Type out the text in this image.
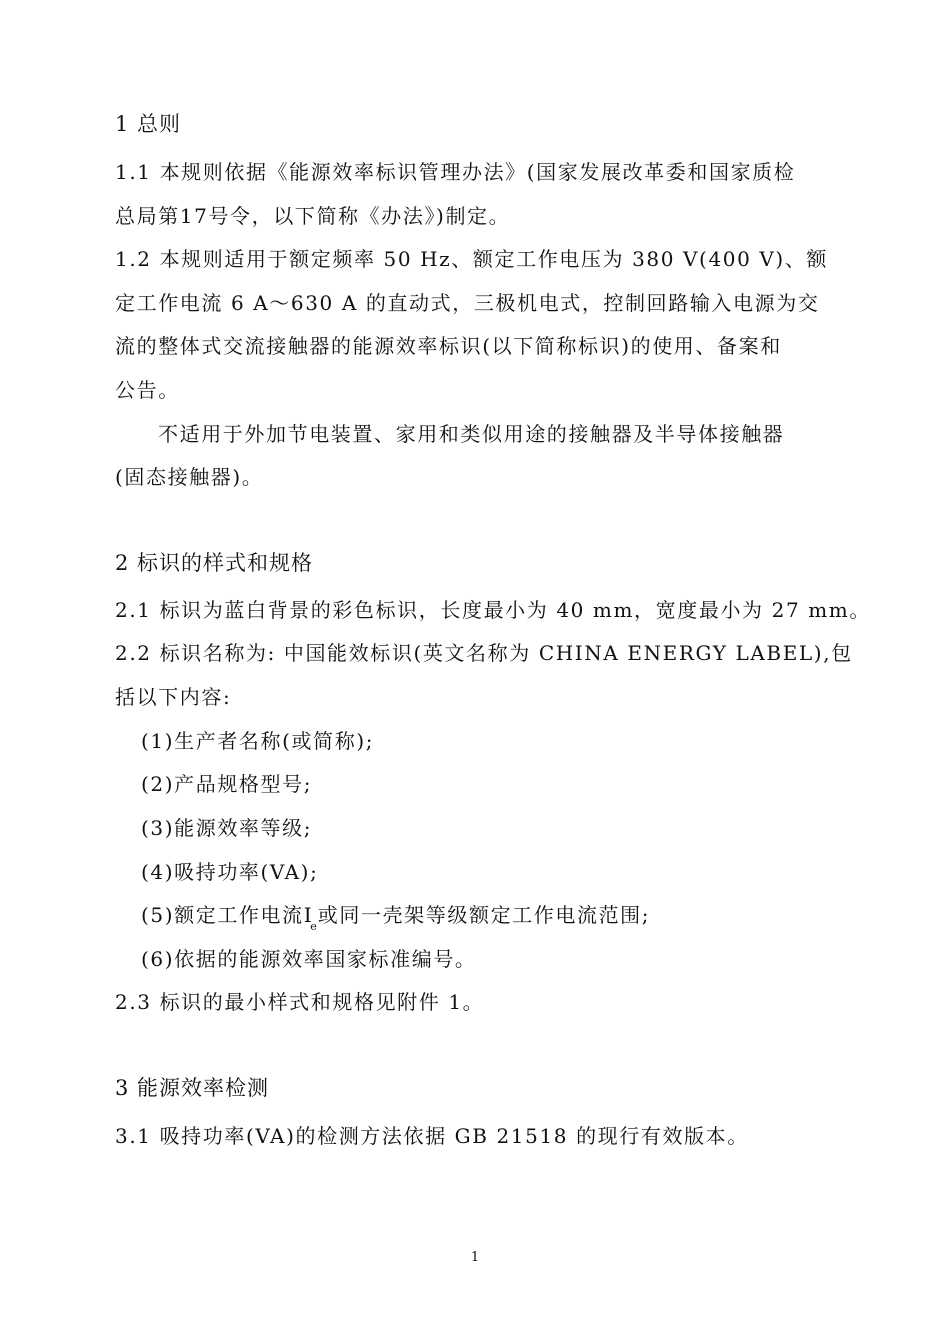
1 总则
1.1 本规则依据《能源效率标识管理办法》(国家发展改革委和国家质检
总局第17号令，以下简称《办法》)制定。
1.2 本规则适用于额定频率 50 Hz、额定工作电压为 380 V(400 V)、额
定工作电流 6 A～630 A 的直动式，三极机电式，控制回路输入电源为交
流的整体式交流接触器的能源效率标识(以下简称标识)的使用、备案和
公告。
不适用于外加节电装置、家用和类似用途的接触器及半导体接触器
(固态接触器)。
2 标识的样式和规格
2.1 标识为蓝白背景的彩色标识，长度最小为 40 mm，宽度最小为 27 mm。
2.2 标识名称为: 中国能效标识(英文名称为 CHINA ENERGY LABEL),包
括以下内容:
(1)生产者名称(或简称);
(2)产品规格型号;
(3)能源效率等级;
(4)吸持功率(VA);
(5)额定工作电流$I_e$或同一壳架等级额定工作电流范围;
(6)依据的能源效率国家标准编号。
2.3 标识的最小样式和规格见附件 1。
3 能源效率检测
3.1 吸持功率(VA)的检测方法依据 GB 21518 的现行有效版本。
1
